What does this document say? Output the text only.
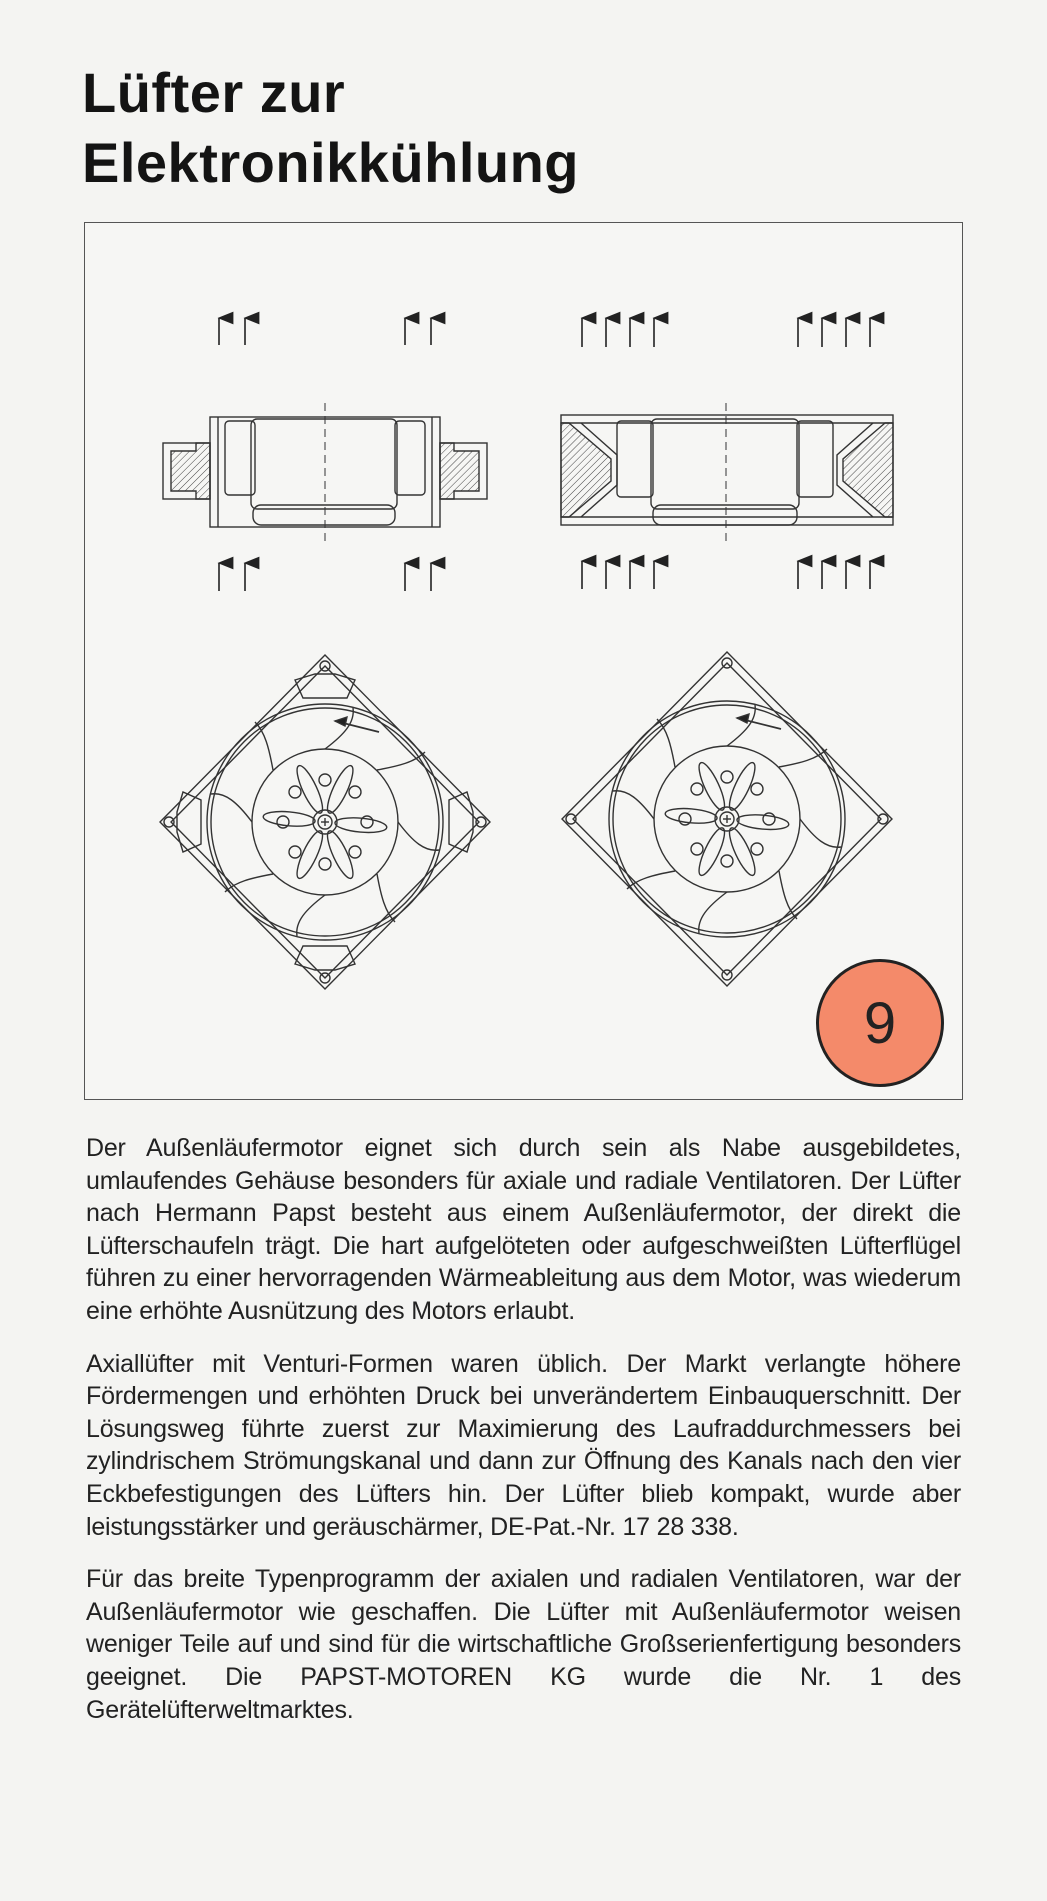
Lüfter zur
Elektronikkühlung
9

Der Außenläufermotor eignet sich durch sein als Nabe ausgebildetes, umlaufendes Gehäuse besonders für axiale und radiale Ventilatoren. Der Lüfter nach Hermann Papst besteht aus einem Außenläufermotor, der direkt die Lüfterschaufeln trägt. Die hart aufgelöteten oder aufgeschweißten Lüfterflügel führen zu einer hervorragenden Wärmeableitung aus dem Motor, was wiederum eine erhöhte Ausnützung des Motors erlaubt.

Axiallüfter mit Venturi-Formen waren üblich. Der Markt verlangte höhere Fördermengen und erhöhten Druck bei unverändertem Einbauquerschnitt. Der Lösungsweg führte zuerst zur Maximierung des Laufraddurchmessers bei zylindrischem Strömungskanal und dann zur Öffnung des Kanals nach den vier Eckbefestigungen des Lüfters hin. Der Lüfter blieb kompakt, wurde aber leistungsstärker und geräuschärmer, DE-Pat.-Nr. 17 28 338.

Für das breite Typenprogramm der axialen und radialen Ventilatoren, war der Außenläufermotor wie geschaffen. Die Lüfter mit Außenläufermotor weisen weniger Teile auf und sind für die wirtschaftliche Großserienfertigung besonders geeignet. Die PAPST-MOTOREN KG wurde die Nr. 1 des Gerätelüfterweltmarktes.
